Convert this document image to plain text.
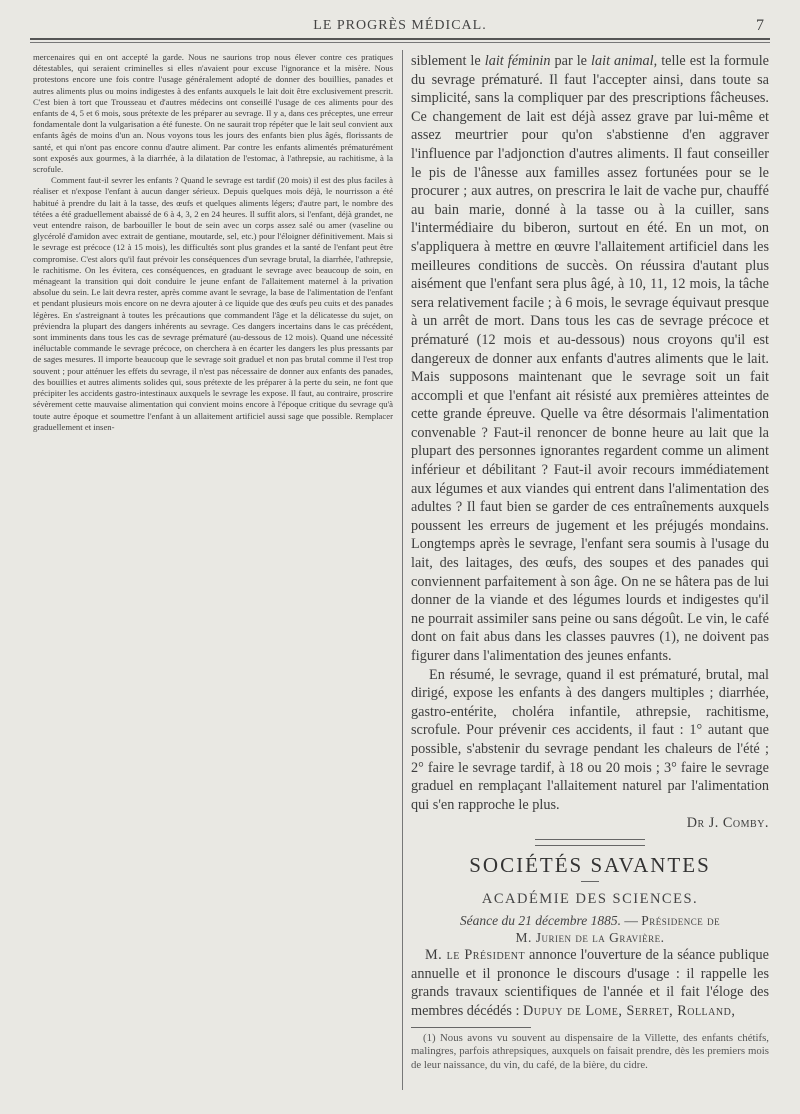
LE PROGRÈS MÉDICAL.	7

mercenaires qui en ont accepté la garde. Nous ne saurions trop nous élever contre ces pratiques détestables, qui seraient criminelles si elles n'avaient pour excuse l'ignorance et la misère. Nous protestons encore une fois contre l'usage généralement adopté de donner des bouillies, panades et autres aliments plus ou moins indigestes à des enfants auxquels le lait doit être exclusivement prescrit. C'est bien à tort que Trousseau et d'autres médecins ont conseillé l'usage de ces aliments pour des enfants de 4, 5 et 6 mois, sous prétexte de les préparer au sevrage. Il y a, dans ces préceptes, une erreur fondamentale dont la vulgarisation a été funeste. On ne saurait trop répéter que le lait seul convient aux enfants âgés de moins d'un an. Nous voyons tous les jours des enfants bien plus âgés, florissants de santé, et qui n'ont pas encore connu d'autre aliment. Par contre les enfants alimentés prématurément sont exposés aux gourmes, à la diarrhée, à la dilatation de l'estomac, à l'athrepsie, au rachitisme, à la scrofule.

Comment faut-il sevrer les enfants ? Quand le sevrage est tardif (20 mois) il est des plus faciles à réaliser et n'expose l'enfant à aucun danger sérieux. Depuis quelques mois déjà, le nourrisson a été habitué à prendre du lait à la tasse, des œufs et quelques aliments légers; d'autre part, le nombre des tétées a été graduellement abaissé de 6 à 4, 3, 2 en 24 heures. Il suffit alors, si l'enfant, déjà grandet, ne veut entendre raison, de barbouiller le bout de sein avec un corps assez salé ou amer (vaseline ou glycérolé d'amidon avec extrait de gentiane, moutarde, sel, etc.) pour l'éloigner définitivement. Mais si le sevrage est précoce (12 à 15 mois), les difficultés sont plus grandes et la santé de l'enfant peut être compromise. C'est alors qu'il faut prévoir les conséquences d'un sevrage brutal, la diarrhée, l'athrepsie, le rachitisme. On les évitera, ces conséquences, en graduant le sevrage avec beaucoup de soin, en ménageant la transition qui doit conduire le jeune enfant de l'allaitement maternel à la privation absolue du sein. Le lait devra rester, après comme avant le sevrage, la base de l'alimentation de l'enfant et pendant plusieurs mois encore on ne devra ajouter à ce liquide que des œufs peu cuits et des panades légères. En s'astreignant à toutes les précautions que commandent l'âge et la délicatesse du sujet, on préviendra la plupart des dangers inhérents au sevrage. Ces dangers incertains dans le cas précédent, sont imminents dans tous les cas de sevrage prématuré (au-dessous de 12 mois). Quand une nécessité inéluctable commande le sevrage précoce, on cherchera à en écarter les dangers les plus pressants par de sages mesures. Il importe beaucoup que le sevrage soit graduel et non pas brutal comme il l'est trop souvent ; pour atténuer les effets du sevrage, il n'est pas nécessaire de donner aux enfants des panades, des bouillies et autres aliments solides qui, sous prétexte de les préparer à la perte du sein, ne font que précipiter les accidents gastro-intestinaux auxquels le sevrage les expose. Il faut, au contraire, proscrire sévèrement cette mauvaise alimentation qui convient moins encore à l'époque critique du sevrage qu'à toute autre époque et soumettre l'enfant à un allaitement artificiel aussi sage que possible. Remplacer graduellement et insen-

siblement le lait féminin par le lait animal, telle est la formule du sevrage prématuré. Il faut l'accepter ainsi, dans toute sa simplicité, sans la compliquer par des prescriptions fâcheuses. Ce changement de lait est déjà assez grave par lui-même et assez meurtrier pour qu'on s'abstienne d'en aggraver l'influence par l'adjonction d'autres aliments. Il faut conseiller le pis de l'ânesse aux familles assez fortunées pour se le procurer ; aux autres, on prescrira le lait de vache pur, chauffé au bain marie, donné à la tasse ou à la cuiller, sans l'intermédiaire du biberon, surtout en été. En un mot, on s'appliquera à mettre en œuvre l'allaitement artificiel dans les meilleures conditions de succès. On réussira d'autant plus aisément que l'enfant sera plus âgé, à 10, 11, 12 mois, la tâche sera relativement facile ; à 6 mois, le sevrage équivaut presque à un arrêt de mort. Dans tous les cas de sevrage précoce et prématuré (12 mois et au-dessous) nous croyons qu'il est dangereux de donner aux enfants d'autres aliments que le lait. Mais supposons maintenant que le sevrage soit un fait accompli et que l'enfant ait résisté aux premières atteintes de cette grande épreuve. Quelle va être désormais l'alimentation convenable ? Faut-il renoncer de bonne heure au lait que la plupart des personnes ignorantes regardent comme un aliment inférieur et débilitant ? Faut-il avoir recours immédiatement aux légumes et aux viandes qui entrent dans l'alimentation des adultes ? Il faut bien se garder de ces entraînements auxquels poussent les erreurs de jugement et les préjugés mondains. Longtemps après le sevrage, l'enfant sera soumis à l'usage du lait, des laitages, des œufs, des soupes et des panades qui conviennent parfaitement à son âge. On ne se hâtera pas de lui donner de la viande et des légumes lourds et indigestes qu'il ne pourrait assimiler sans peine ou sans dégoût. Le vin, le café dont on fait abus dans les classes pauvres (1), ne doivent pas figurer dans l'alimentation des jeunes enfants.

En résumé, le sevrage, quand il est prématuré, brutal, mal dirigé, expose les enfants à des dangers multiples ; diarrhée, gastro-entérite, choléra infantile, athrepsie, rachitisme, scrofule. Pour prévenir ces accidents, il faut : 1° autant que possible, s'abstenir du sevrage pendant les chaleurs de l'été ; 2° faire le sevrage tardif, à 18 ou 20 mois ; 3° faire le sevrage graduel en remplaçant l'allaitement naturel par l'alimentation qui s'en rapproche le plus.

Dr J. Comby.

SOCIÉTÉS SAVANTES
ACADÉMIE DES SCIENCES.
Séance du 21 décembre 1885. — Présidence de
M. Jurien de la Gravière.

M. le Président annonce l'ouverture de la séance publique annuelle et il prononce le discours d'usage : il rappelle les grands travaux scientifiques de l'année et il fait l'éloge des membres décédés : Dupuy de Lome, Serret, Rolland,

(1) Nous avons vu souvent au dispensaire de la Villette, des enfants chétifs, malingres, parfois athrepsiques, auxquels on faisait prendre, dès les premiers mois de leur naissance, du vin, du café, de la bière, du cidre.
